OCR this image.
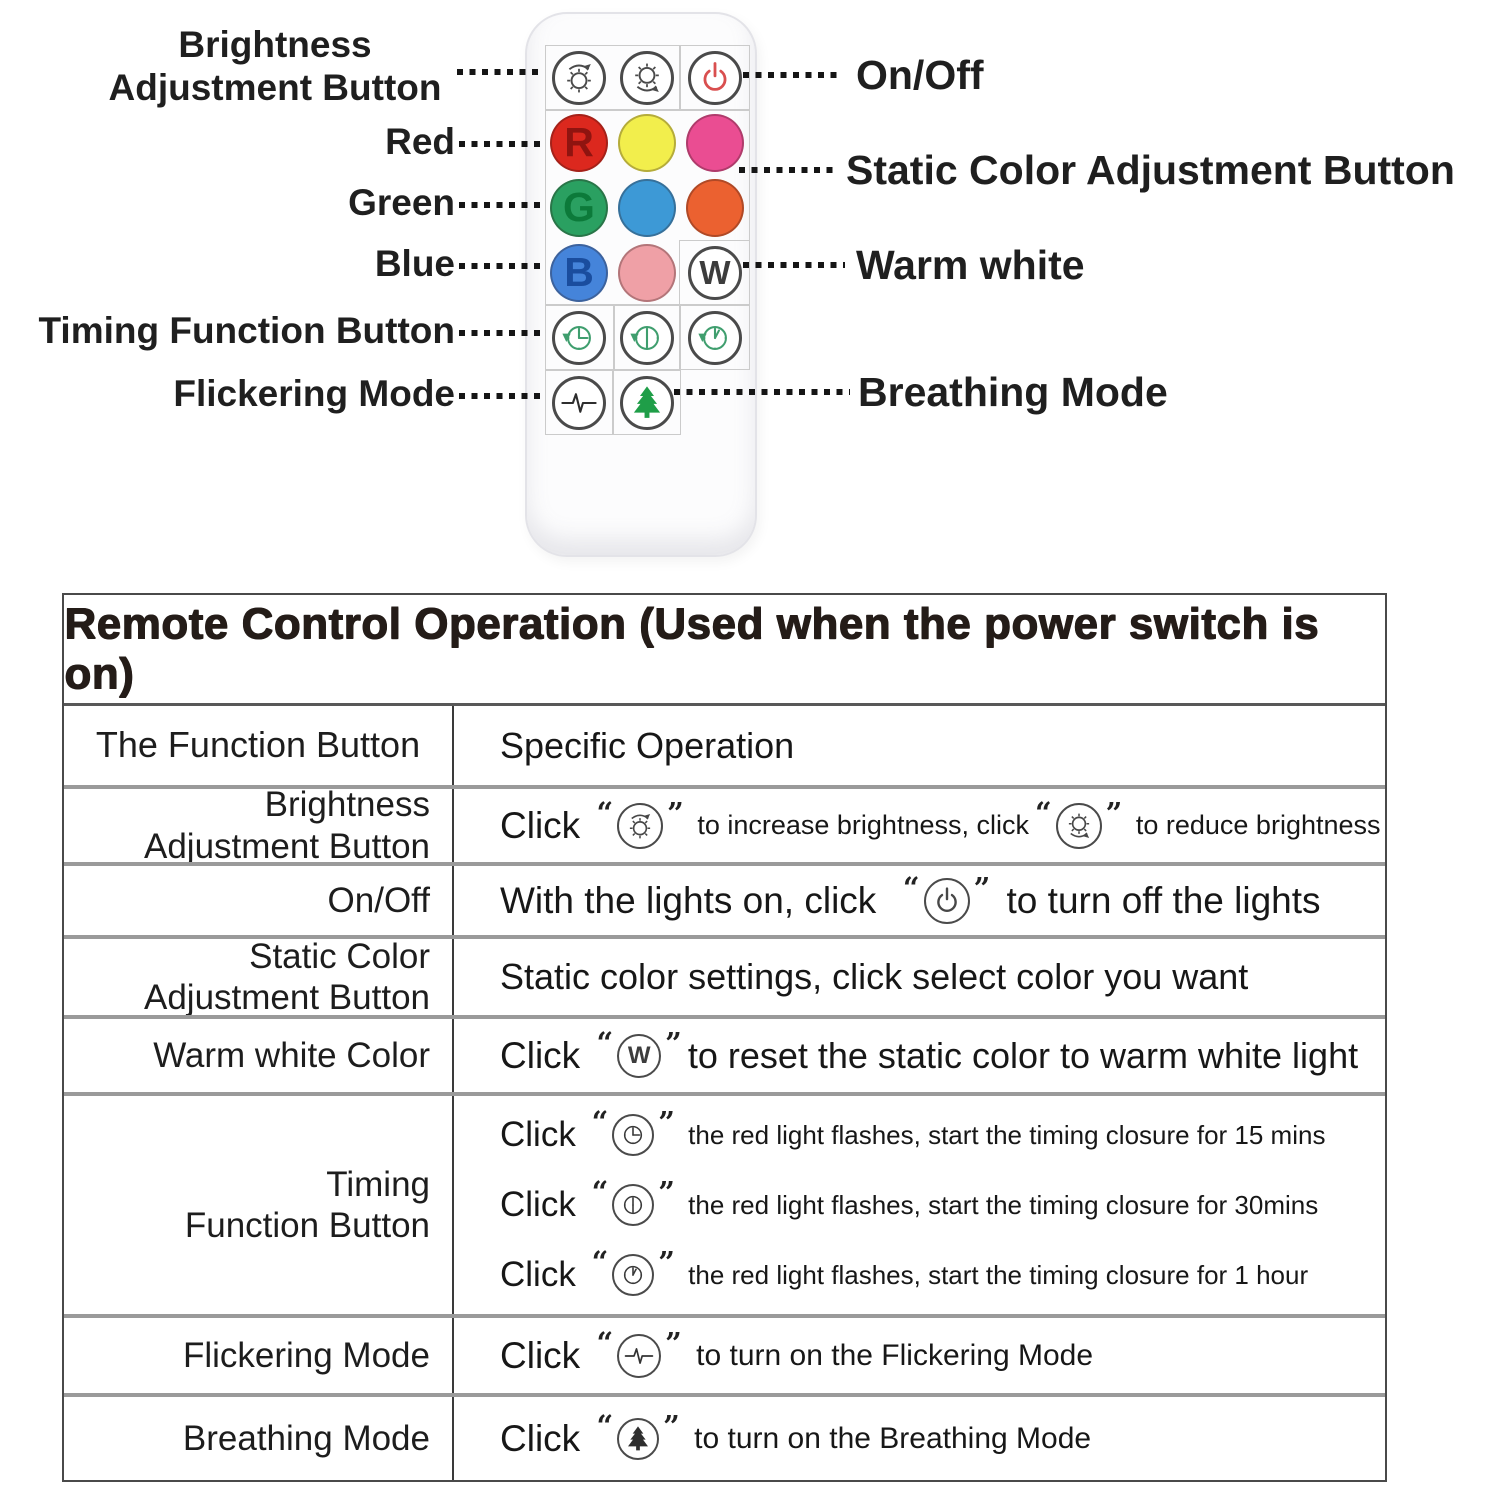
R
G
B	W
Brightness
Adjustment Button
Red
Green
Blue
Timing Function Button
Flickering Mode
On/Off
Static Color Adjustment Button
Warm white
Breathing Mode
Remote Control Operation (Used when the power switch is on)
The Function Button	Specific Operation
Brightness
Adjustment Button
Click “ ” to increase brightness, click “ ” to reduce brightness
On/Off With the lights on, click “ ” to turn off the lights
Static Color
Adjustment Button
Static color settings, click select color you want
Warm white Color Click “ W ” to reset the static color to warm white light
Timing
Function Button
Click “ ” the red light flashes, start the timing closure for 15 mins
Click “ ” the red light flashes, start the timing closure for 30mins
Click “ ” the red light flashes, start the timing closure for 1 hour
Flickering Mode Click “ ” to turn on the Flickering Mode
Breathing Mode Click “ ” to turn on the Breathing Mode
